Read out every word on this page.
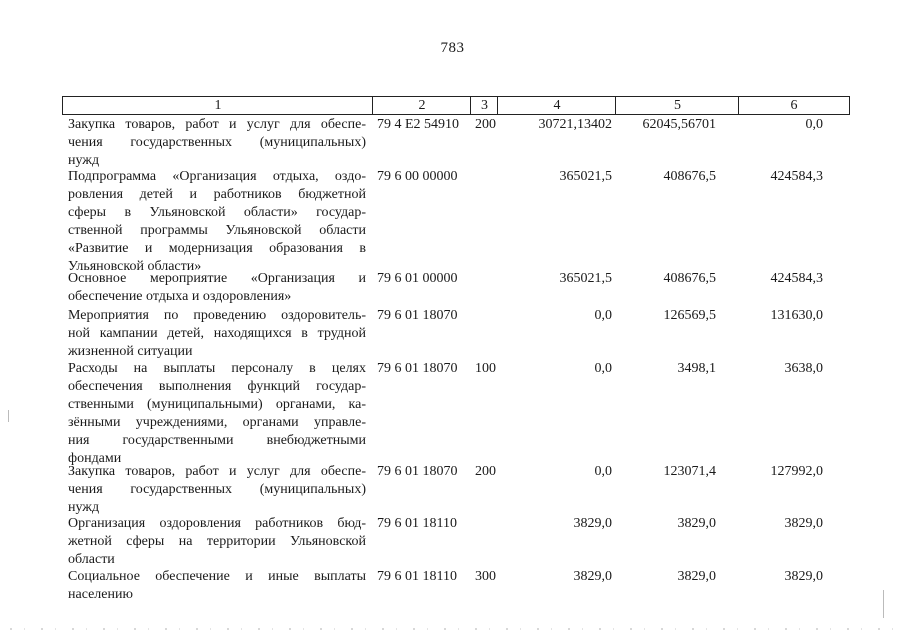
783
1	2	3	4	5	6
Закупка товаров, работ и услуг для обеспе-
чения государственных (муниципальных)
нужд
79 4 E2 54910 200	30721,13402	62045,56701	0,0
Подпрограмма «Организация отдыха, оздо-
ровления детей и работников бюджетной
сферы в Ульяновской области» государ-
ственной программы Ульяновской области
«Развитие и модернизация образования в
Ульяновской области»
79 6 00 00000	365021,5	408676,5	424584,3
Основное мероприятие «Организация и
обеспечение отдыха и оздоровления»
79 6 01 00000	365021,5	408676,5	424584,3
Мероприятия по проведению оздоровитель-
ной кампании детей, находящихся в трудной
жизненной ситуации
79 6 01 18070	0,0	126569,5	131630,0
Расходы на выплаты персоналу в целях
обеспечения выполнения функций государ-
ственными (муниципальными) органами, ка-
зёнными учреждениями, органами управле-
ния государственными внебюджетными
фондами
79 6 01 18070 100	0,0	3498,1	3638,0
Закупка товаров, работ и услуг для обеспе-
чения государственных (муниципальных)
нужд
79 6 01 18070 200	0,0	123071,4	127992,0
Организация оздоровления работников бюд-
жетной сферы на территории Ульяновской
области
79 6 01 18110	3829,0	3829,0	3829,0
Социальное обеспечение и иные выплаты
населению
79 6 01 18110 300	3829,0	3829,0	3829,0
